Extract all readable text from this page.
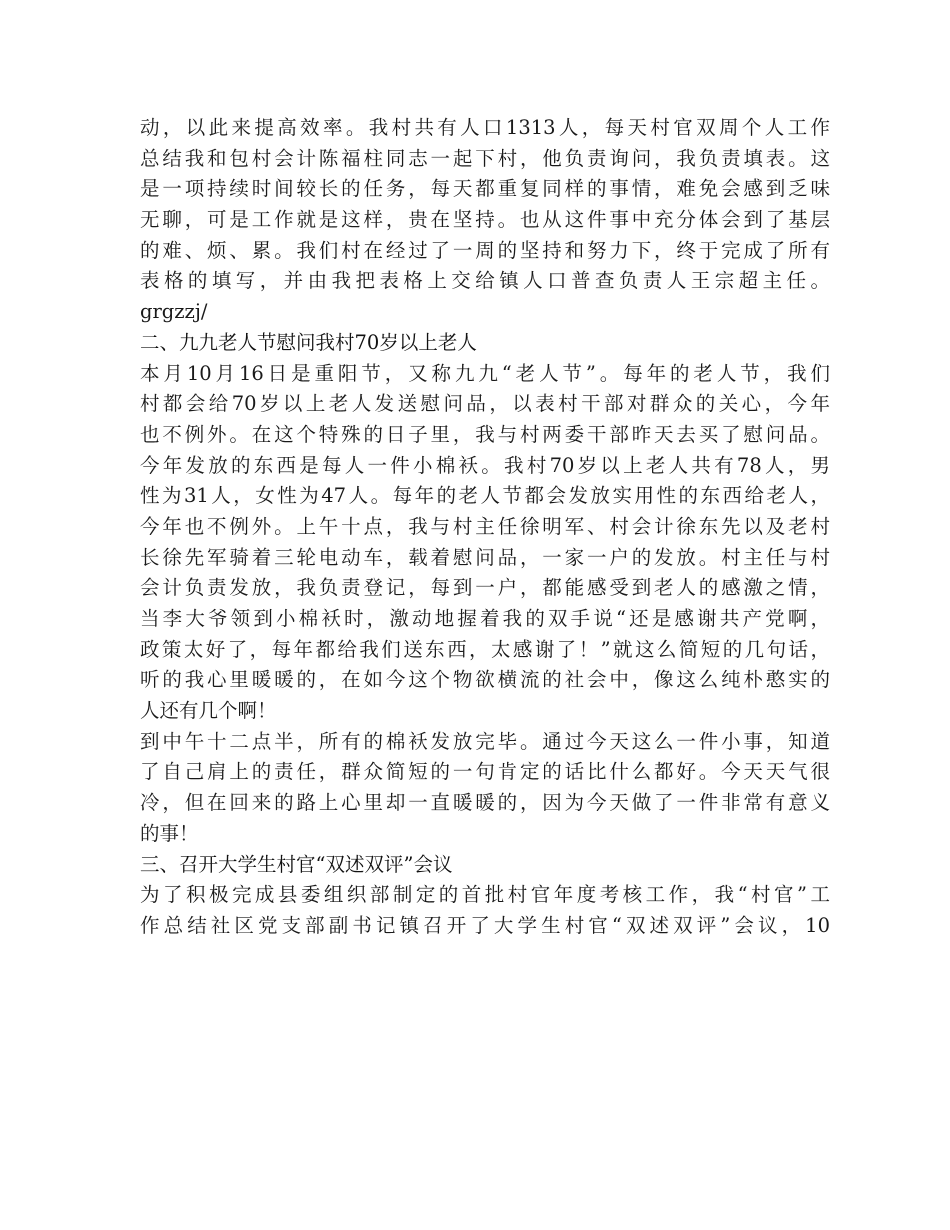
动，以此来提高效率。我村共有人口1313人，每天村官双周个人工作
总结我和包村会计陈福柱同志一起下村，他负责询问，我负责填表。这
是一项持续时间较长的任务，每天都重复同样的事情，难免会感到乏味
无聊，可是工作就是这样，贵在坚持。也从这件事中充分体会到了基层
的难、烦、累。我们村在经过了一周的坚持和努力下，终于完成了所有
表格的填写，并由我把表格上交给镇人口普查负责人王宗超主任。
grgzzj/
二、九九老人节慰问我村70岁以上老人
本月10月16日是重阳节，又称九九“老人节”。每年的老人节，我们
村都会给70岁以上老人发送慰问品，以表村干部对群众的关心，今年
也不例外。在这个特殊的日子里，我与村两委干部昨天去买了慰问品。
今年发放的东西是每人一件小棉袄。我村70岁以上老人共有78人，男
性为31人，女性为47人。每年的老人节都会发放实用性的东西给老人，
今年也不例外。上午十点，我与村主任徐明军、村会计徐东先以及老村
长徐先军骑着三轮电动车，载着慰问品，一家一户的发放。村主任与村
会计负责发放，我负责登记，每到一户，都能感受到老人的感激之情，
当李大爷领到小棉袄时，激动地握着我的双手说“还是感谢共产党啊，
政策太好了，每年都给我们送东西，太感谢了！”就这么简短的几句话，
听的我心里暖暖的，在如今这个物欲横流的社会中，像这么纯朴憨实的
人还有几个啊！
到中午十二点半，所有的棉袄发放完毕。通过今天这么一件小事，知道
了自己肩上的责任，群众简短的一句肯定的话比什么都好。今天天气很
冷，但在回来的路上心里却一直暖暖的，因为今天做了一件非常有意义
的事！
三、召开大学生村官“双述双评”会议
为了积极完成县委组织部制定的首批村官年度考核工作，我“村官”工
作总结社区党支部副书记镇召开了大学生村官“双述双评”会议，10
